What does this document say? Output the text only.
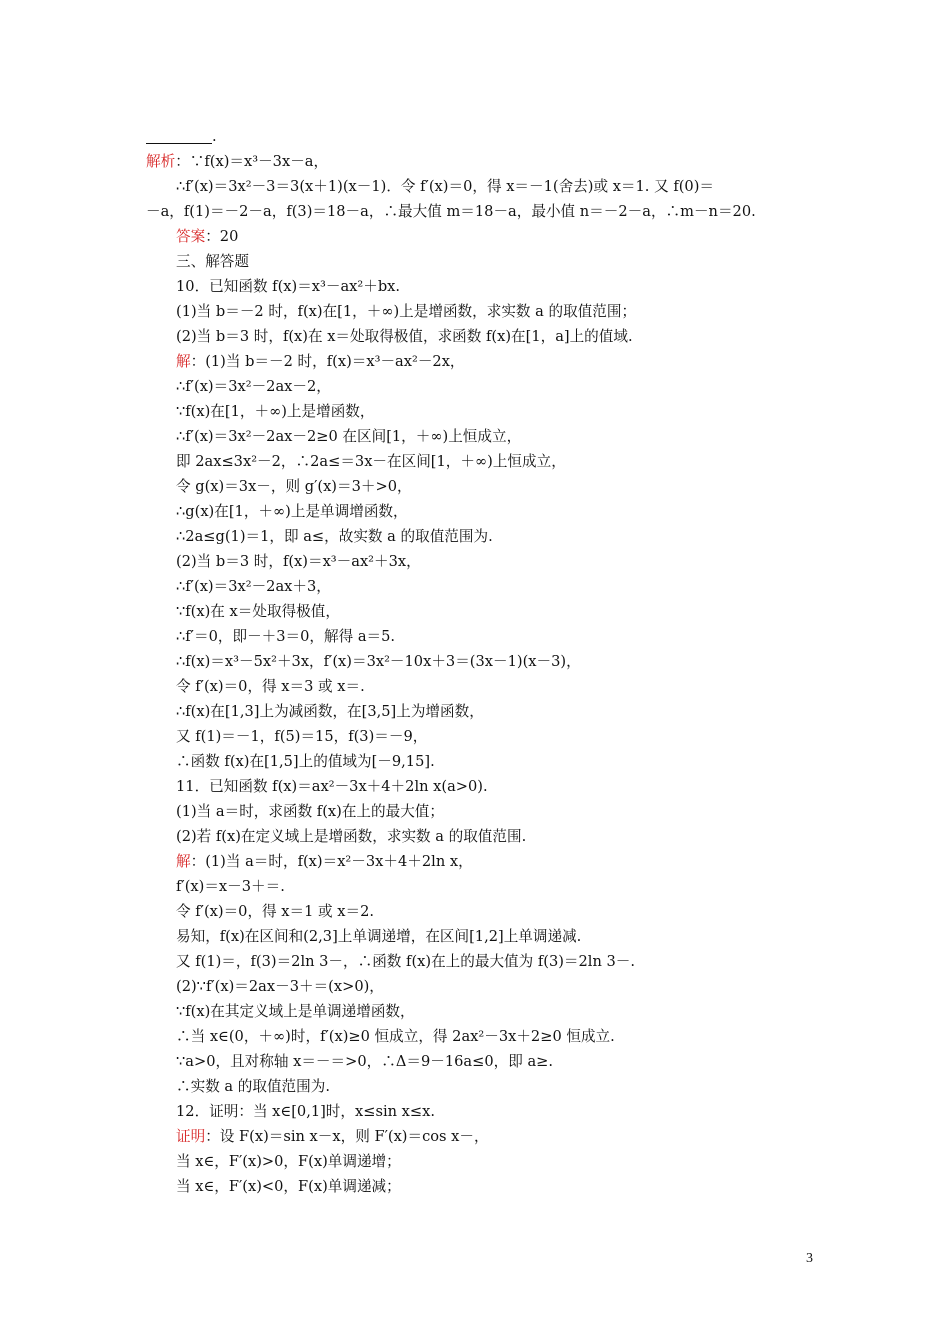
.
解析：∵f(x)＝x³－3x－a，
∴f′(x)＝3x²－3＝3(x＋1)(x－1)．令 f′(x)＝0，得 x＝－1(舍去)或 x＝1. 又 f(0)＝
－a，f(1)＝－2－a，f(3)＝18－a，∴最大值 m＝18－a，最小值 n＝－2－a，∴m－n＝20.
答案：20
三、解答题
10．已知函数 f(x)＝x³－ax²＋bx.
(1)当 b＝－2 时，f(x)在[1，＋∞)上是增函数，求实数 a 的取值范围；
(2)当 b＝3 时，f(x)在 x＝处取得极值，求函数 f(x)在[1，a]上的值域.
解：(1)当 b＝－2 时，f(x)＝x³－ax²－2x，
∴f′(x)＝3x²－2ax－2，
∵f(x)在[1，＋∞)上是增函数，
∴f′(x)＝3x²－2ax－2≥0 在区间[1，＋∞)上恒成立，
即 2ax≤3x²－2，∴2a≤＝3x－在区间[1，＋∞)上恒成立，
令 g(x)＝3x－，则 g′(x)＝3＋>0，
∴g(x)在[1，＋∞)上是单调增函数，
∴2a≤g(1)＝1，即 a≤，故实数 a 的取值范围为.
(2)当 b＝3 时，f(x)＝x³－ax²＋3x，
∴f′(x)＝3x²－2ax＋3，
∵f(x)在 x＝处取得极值，
∴f′＝0，即－＋3＝0，解得 a＝5.
∴f(x)＝x³－5x²＋3x，f′(x)＝3x²－10x＋3＝(3x－1)(x－3)，
令 f′(x)＝0，得 x＝3 或 x＝.
∴f(x)在[1,3]上为减函数，在[3,5]上为增函数，
又 f(1)＝－1，f(5)＝15，f(3)＝－9，
∴函数 f(x)在[1,5]上的值域为[－9,15].
11．已知函数 f(x)＝ax²－3x＋4＋2ln x(a>0).
(1)当 a＝时，求函数 f(x)在上的最大值；
(2)若 f(x)在定义域上是增函数，求实数 a 的取值范围.
解：(1)当 a＝时，f(x)＝x²－3x＋4＋2ln x，
f′(x)＝x－3＋＝.
令 f′(x)＝0，得 x＝1 或 x＝2.
易知，f(x)在区间和(2,3]上单调递增，在区间[1,2]上单调递减.
又 f(1)＝，f(3)＝2ln 3－，∴函数 f(x)在上的最大值为 f(3)＝2ln 3－.
(2)∵f′(x)＝2ax－3＋＝(x>0)，
∵f(x)在其定义域上是单调递增函数，
∴当 x∈(0，＋∞)时，f′(x)≥0 恒成立，得 2ax²－3x＋2≥0 恒成立.
∵a>0，且对称轴 x＝－＝>0，∴Δ＝9－16a≤0，即 a≥.
∴实数 a 的取值范围为.
12．证明：当 x∈[0,1]时，x≤sin x≤x.
证明：设 F(x)＝sin x－x，则 F′(x)＝cos x－，
当 x∈，F′(x)>0，F(x)单调递增；
当 x∈，F′(x)<0，F(x)单调递减；
3
